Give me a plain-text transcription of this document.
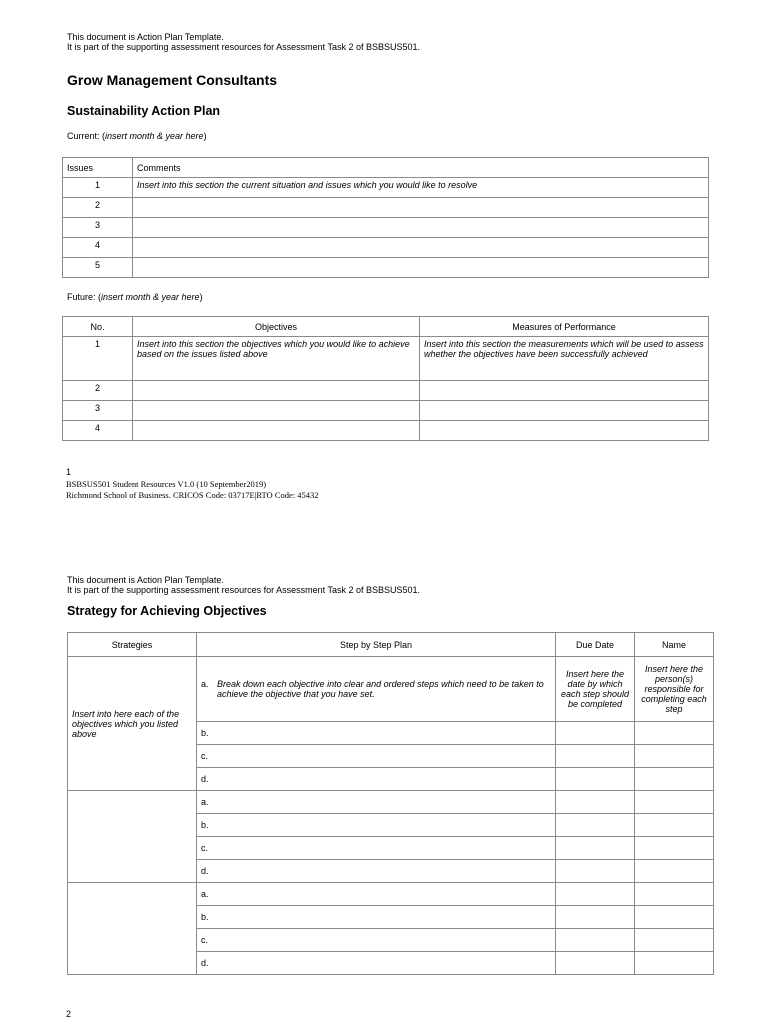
This document is Action Plan Template.
It is part of the supporting assessment resources for Assessment Task 2 of BSBSUS501.
Grow Management Consultants
Sustainability Action Plan
Current: (insert month & year here)
Issues	Comments
1	Insert into this section the current situation and issues which you would like to resolve
2	
3	
4	
5	
Future: (insert month & year here)
No.	Objectives	Measures of Performance
1	Insert into this section the objectives which you would like to achieve based on the issues listed above	Insert into this section the measurements which will be used to assess whether the objectives have been successfully achieved
2		
3		
4		
1
BSBSUS501 Student Resources V1.0 (10 September2019)
Richmond School of Business. CRICOS Code: 03717E|RTO Code: 45432
This document is Action Plan Template.
It is part of the supporting assessment resources for Assessment Task 2 of BSBSUS501.
Strategy for Achieving Objectives
Strategies	Step by Step Plan	Due Date	Name
Insert into here each of the objectives which you listed above	a. Break down each objective into clear and ordered steps which need to be taken to achieve the objective that you have set.	Insert here the date by which each step should be completed	Insert here the person(s) responsible for completing each step
	b.		
	c.		
	d.		
	a.		
	b.		
	c.		
	d.		
	a.		
	b.		
	c.		
	d.		
2
